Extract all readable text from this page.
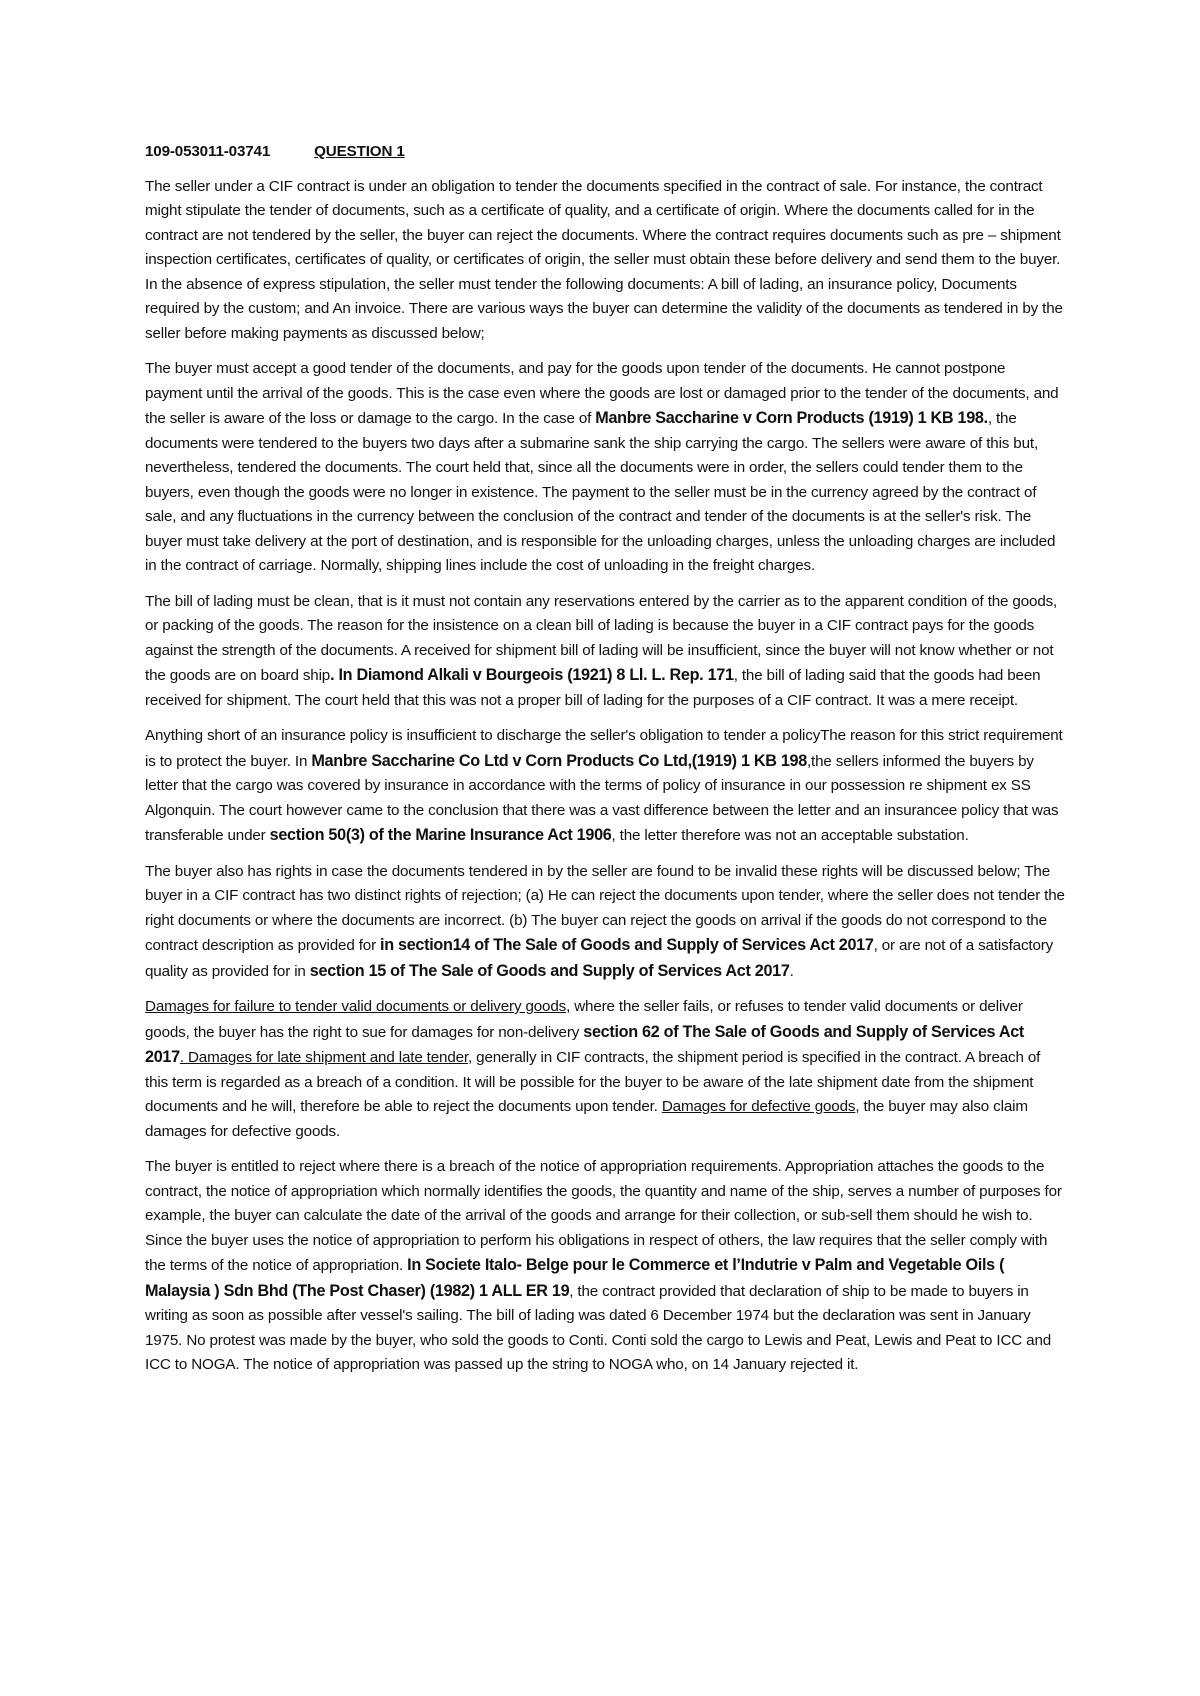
109-053011-03741	QUESTION 1

The seller under a CIF contract is under an obligation to tender the documents specified in the contract of sale. For instance, the contract might stipulate the tender of documents, such as a certificate of quality, and a certificate of origin. Where the documents called for in the contract are not tendered by the seller, the buyer can reject the documents. Where the contract requires documents such as pre – shipment inspection certificates, certificates of quality, or certificates of origin, the seller must obtain these before delivery and send them to the buyer. In the absence of express stipulation, the seller must tender the following documents: A bill of lading, an insurance policy, Documents required by the custom; and An invoice. There are various ways the buyer can determine the validity of the documents as tendered in by the seller before making payments as discussed below;

The buyer must accept a good tender of the documents, and pay for the goods upon tender of the documents. He cannot postpone payment until the arrival of the goods. This is the case even where the goods are lost or damaged prior to the tender of the documents, and the seller is aware of the loss or damage to the cargo. In the case of Manbre Saccharine v Corn Products (1919) 1 KB 198., the documents were tendered to the buyers two days after a submarine sank the ship carrying the cargo. The sellers were aware of this but, nevertheless, tendered the documents. The court held that, since all the documents were in order, the sellers could tender them to the buyers, even though the goods were no longer in existence. The payment to the seller must be in the currency agreed by the contract of sale, and any fluctuations in the currency between the conclusion of the contract and tender of the documents is at the seller's risk. The buyer must take delivery at the port of destination, and is responsible for the unloading charges, unless the unloading charges are included in the contract of carriage. Normally, shipping lines include the cost of unloading in the freight charges.

The bill of lading must be clean, that is it must not contain any reservations entered by the carrier as to the apparent condition of the goods, or packing of the goods. The reason for the insistence on a clean bill of lading is because the buyer in a CIF contract pays for the goods against the strength of the documents. A received for shipment bill of lading will be insufficient, since the buyer will not know whether or not the goods are on board ship. In Diamond Alkali v Bourgeois (1921) 8 Ll. L. Rep. 171, the bill of lading said that the goods had been received for shipment. The court held that this was not a proper bill of lading for the purposes of a CIF contract. It was a mere receipt.

Anything short of an insurance policy is insufficient to discharge the seller's obligation to tender a policyThe reason for this strict requirement is to protect the buyer. In Manbre Saccharine Co Ltd v Corn Products Co Ltd,(1919) 1 KB 198,the sellers informed the buyers by letter that the cargo was covered by insurance in accordance with the terms of policy of insurance in our possession re shipment ex SS Algonquin. The court however came to the conclusion that there was a vast difference between the letter and an insurancee policy that was transferable under section 50(3) of the Marine Insurance Act 1906, the letter therefore was not an acceptable substation.

The buyer also has rights in case the documents tendered in by the seller are found to be invalid these rights will be discussed below; The buyer in a CIF contract has two distinct rights of rejection; (a) He can reject the documents upon tender, where the seller does not tender the right documents or where the documents are incorrect. (b) The buyer can reject the goods on arrival if the goods do not correspond to the contract description as provided for in section14 of The Sale of Goods and Supply of Services Act 2017, or are not of a satisfactory quality as provided for in section 15 of The Sale of Goods and Supply of Services Act 2017.

Damages for failure to tender valid documents or delivery goods, where the seller fails, or refuses to tender valid documents or deliver goods, the buyer has the right to sue for damages for non-delivery section 62 of The Sale of Goods and Supply of Services Act 2017. Damages for late shipment and late tender, generally in CIF contracts, the shipment period is specified in the contract. A breach of this term is regarded as a breach of a condition. It will be possible for the buyer to be aware of the late shipment date from the shipment documents and he will, therefore be able to reject the documents upon tender. Damages for defective goods, the buyer may also claim damages for defective goods.

The buyer is entitled to reject where there is a breach of the notice of appropriation requirements. Appropriation attaches the goods to the contract, the notice of appropriation which normally identifies the goods, the quantity and name of the ship, serves a number of purposes for example, the buyer can calculate the date of the arrival of the goods and arrange for their collection, or sub-sell them should he wish to. Since the buyer uses the notice of appropriation to perform his obligations in respect of others, the law requires that the seller comply with the terms of the notice of appropriation. In Societe Italo- Belge pour le Commerce et l’Indutrie v Palm and Vegetable Oils ( Malaysia ) Sdn Bhd (The Post Chaser) (1982) 1 ALL ER 19, the contract provided that declaration of ship to be made to buyers in writing as soon as possible after vessel's sailing. The bill of lading was dated 6 December 1974 but the declaration was sent in January 1975. No protest was made by the buyer, who sold the goods to Conti. Conti sold the cargo to Lewis and Peat, Lewis and Peat to ICC and ICC to NOGA. The notice of appropriation was passed up the string to NOGA who, on 14 January rejected it.
